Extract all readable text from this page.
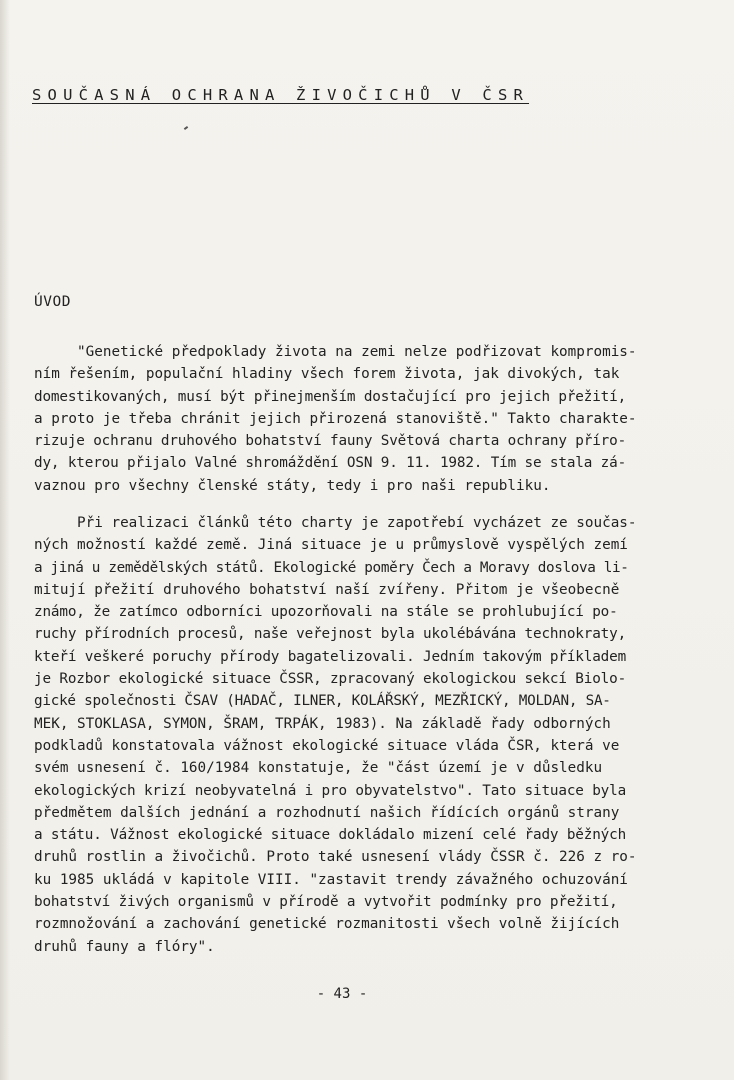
SOUČASNÁ OCHRANA ŽIVOČICHŮ V ČSR
ÚVOD
"Genetické předpoklady života na zemi nelze podřizovat kompromis-
ním řešením, populační hladiny všech forem života, jak divokých, tak
domestikovaných, musí být přinejmenším dostačující pro jejich přežití,
a proto je třeba chránit jejich přirozená stanoviště." Takto charakte-
rizuje ochranu druhového bohatství fauny Světová charta ochrany příro-
dy, kterou přijalo Valné shromáždění OSN 9. 11. 1982. Tím se stala zá-
vaznou pro všechny členské státy, tedy i pro naši republiku.
Při realizaci článků této charty je zapotřebí vycházet ze součas-
ných možností každé země. Jiná situace je u průmyslově vyspělých zemí
a jiná u zemědělských států. Ekologické poměry Čech a Moravy doslova li-
mitují přežití druhového bohatství naší zvířeny. Přitom je všeobecně
známo, že zatímco odborníci upozorňovali na stále se prohlubující po-
ruchy přírodních procesů, naše veřejnost byla ukolébávána technokraty,
kteří veškeré poruchy přírody bagatelizovali. Jedním takovým příkladem
je Rozbor ekologické situace ČSSR, zpracovaný ekologickou sekcí Biolo-
gické společnosti ČSAV (HADAČ, ILNER, KOLÁŘSKÝ, MEZŘICKÝ, MOLDAN, SA-
MEK, STOKLASA, SYMON, ŠRAM, TRPÁK, 1983). Na základě řady odborných
podkladů konstatovala vážnost ekologické situace vláda ČSR, která ve
svém usnesení č. 160/1984 konstatuje, že "část území je v důsledku
ekologických krizí neobyvatelná i pro obyvatelstvo". Tato situace byla
předmětem dalších jednání a rozhodnutí našich řídících orgánů strany
a státu. Vážnost ekologické situace dokládalo mizení celé řady běžných
druhů rostlin a živočichů. Proto také usnesení vlády ČSSR č. 226 z ro-
ku 1985 ukládá v kapitole VIII. "zastavit trendy závažného ochuzování
bohatství živých organismů v přírodě a vytvořit podmínky pro přežití,
rozmnožování a zachování genetické rozmanitosti všech volně žijících
druhů fauny a flóry".
- 43 -
